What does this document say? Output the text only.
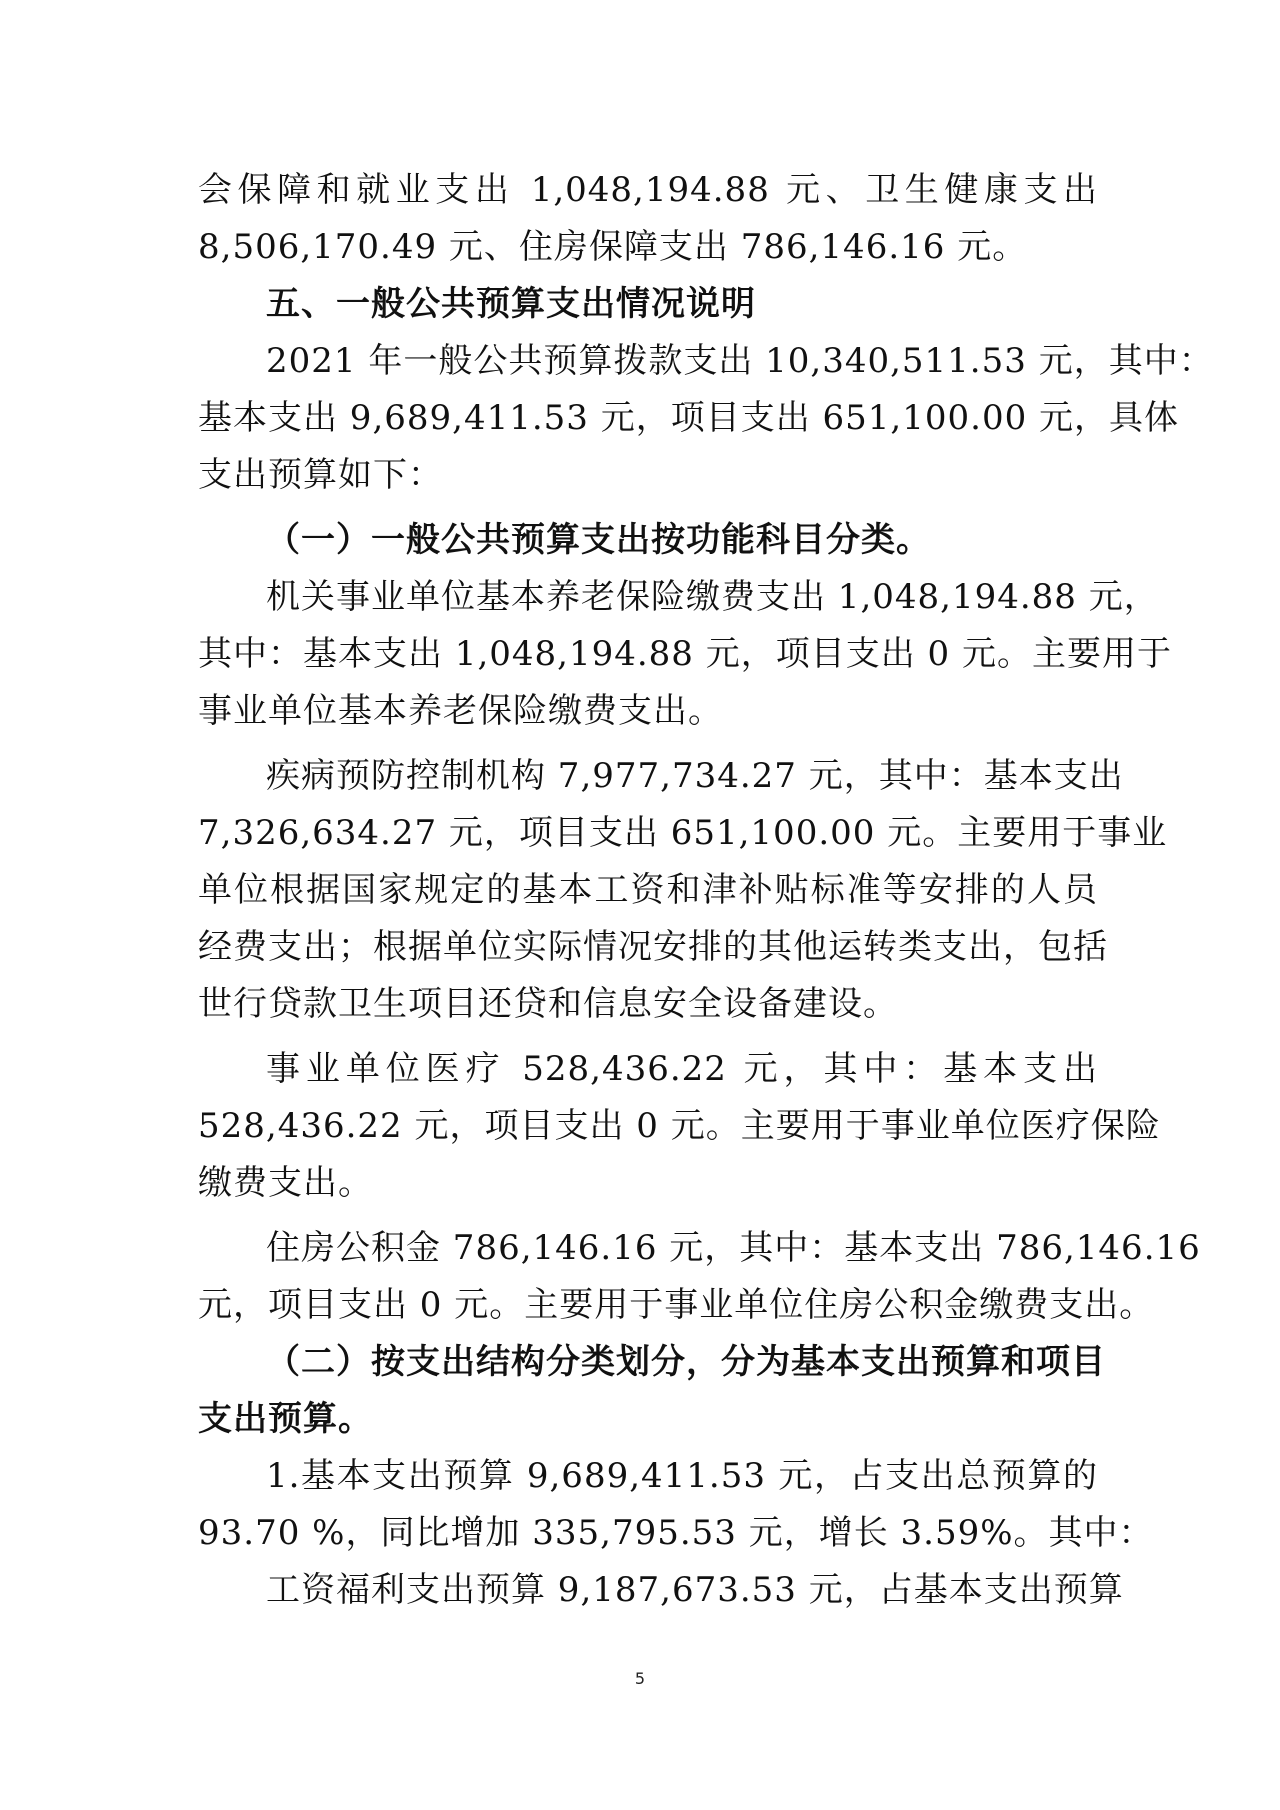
会保障和就业支出 1,048,194.88 元、卫生健康支出
8,506,170.49 元、住房保障支出 786,146.16 元。
五、一般公共预算支出情况说明
2021 年一般公共预算拨款支出 10,340,511.53 元，其中：
基本支出 9,689,411.53 元，项目支出 651,100.00 元，具体
支出预算如下：
（一）一般公共预算支出按功能科目分类。
机关事业单位基本养老保险缴费支出 1,048,194.88 元，
其中：基本支出 1,048,194.88 元，项目支出 0 元。主要用于
事业单位基本养老保险缴费支出。
疾病预防控制机构 7,977,734.27 元，其中：基本支出
7,326,634.27 元，项目支出 651,100.00 元。主要用于事业
单位根据国家规定的基本工资和津补贴标准等安排的人员
经费支出；根据单位实际情况安排的其他运转类支出，包括
世行贷款卫生项目还贷和信息安全设备建设。
事业单位医疗 528,436.22 元，其中：基本支出
528,436.22 元，项目支出 0 元。主要用于事业单位医疗保险
缴费支出。
住房公积金 786,146.16 元，其中：基本支出 786,146.16
元，项目支出 0 元。主要用于事业单位住房公积金缴费支出。
（二）按支出结构分类划分，分为基本支出预算和项目
支出预算。
1.基本支出预算 9,689,411.53 元，占支出总预算的
93.70 %，同比增加 335,795.53 元，增长 3.59%。其中：
工资福利支出预算 9,187,673.53 元，占基本支出预算
5
